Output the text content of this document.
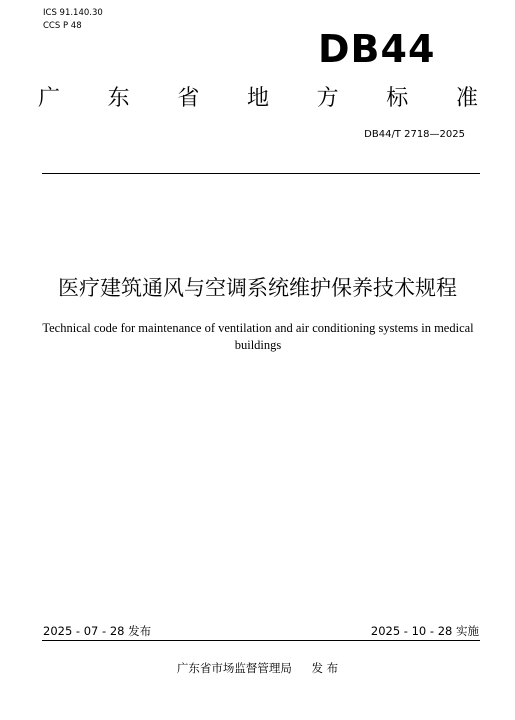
ICS 91.140.30
CCS P 48
DB44
广 东 省 地 方 标 准
DB44/T 2718—2025
医疗建筑通风与空调系统维护保养技术规程
Technical code for maintenance of ventilation and air conditioning systems in medical buildings
2025 - 07 - 28 发布	2025 - 10 - 28 实施
广东省市场监督管理局 发 布
